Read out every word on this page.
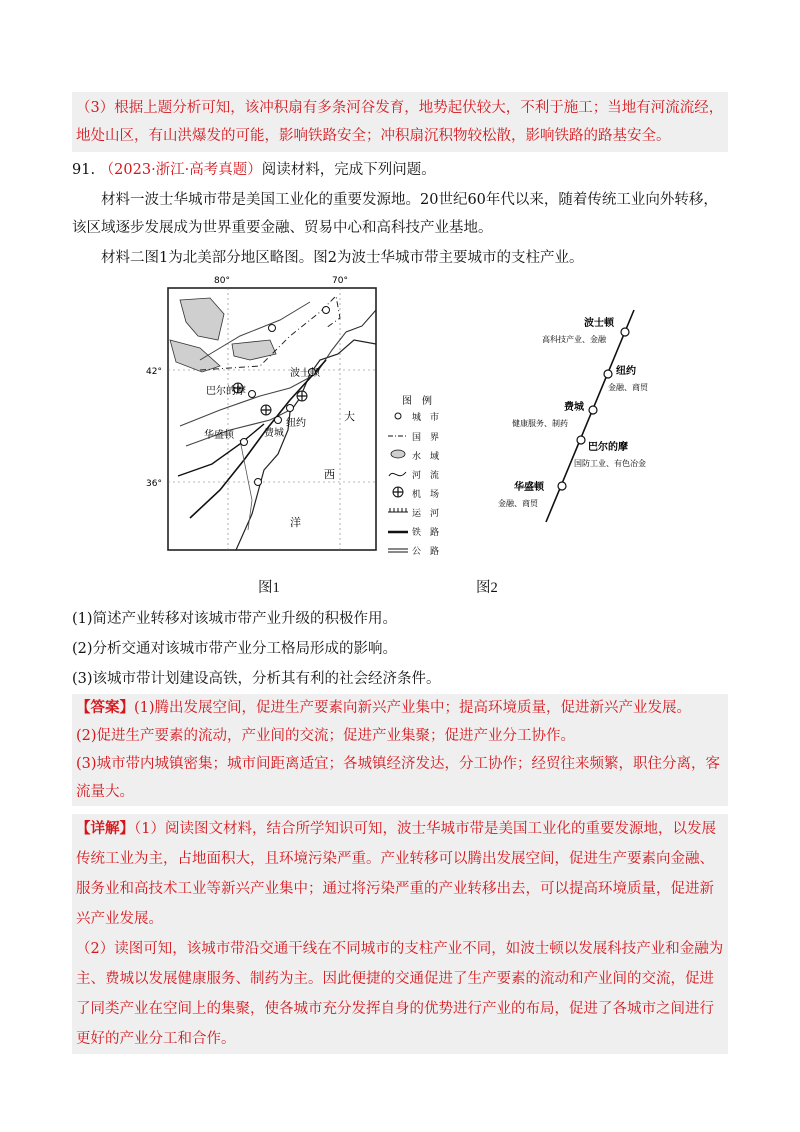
（3）根据上题分析可知，该冲积扇有多条河谷发育，地势起伏较大，不利于施工；当地有河流流经，地处山区，有山洪爆发的可能，影响铁路安全；冲积扇沉积物较松散，影响铁路的路基安全。

91. （2023·浙江·高考真题）阅读材料，完成下列问题。

材料一波士华城市带是美国工业化的重要发源地。20世纪60年代以来，随着传统工业向外转移，该区域逐步发展成为世界重要金融、贸易中心和高科技产业基地。

材料二图1为北美部分地区略图。图2为波士华城市带主要城市的支柱产业。

80°	70°
42°
36°
波士顿
巴尔的摩
纽约
费城
华盛顿
大
西
洋
图　例
城　市
国　界
水　域
河　流
机　场
运　河
铁　路
公　路
波士顿
高科技产业、金融
纽约
金融、商贸
费城
健康服务、制药
巴尔的摩
国防工业、有色冶金
华盛顿
金融、商贸
图1	图2

(1)简述产业转移对该城市带产业升级的积极作用。

(2)分析交通对该城市带产业分工格局形成的影响。

(3)该城市带计划建设高铁，分析其有利的社会经济条件。

【答案】(1)腾出发展空间，促进生产要素向新兴产业集中；提高环境质量，促进新兴产业发展。

(2)促进生产要素的流动，产业间的交流；促进产业集聚；促进产业分工协作。

(3)城市带内城镇密集；城市间距离适宜；各城镇经济发达，分工协作；经贸往来频繁，职住分离，客流量大。

【详解】（1）阅读图文材料，结合所学知识可知，波士华城市带是美国工业化的重要发源地，以发展传统工业为主，占地面积大，且环境污染严重。产业转移可以腾出发展空间，促进生产要素向金融、服务业和高技术工业等新兴产业集中；通过将污染严重的产业转移出去，可以提高环境质量，促进新兴产业发展。

（2）读图可知，该城市带沿交通干线在不同城市的支柱产业不同，如波士顿以发展科技产业和金融为主、费城以发展健康服务、制药为主。因此便捷的交通促进了生产要素的流动和产业间的交流，促进了同类产业在空间上的集聚，使各城市充分发挥自身的优势进行产业的布局，促进了各城市之间进行更好的产业分工和合作。
